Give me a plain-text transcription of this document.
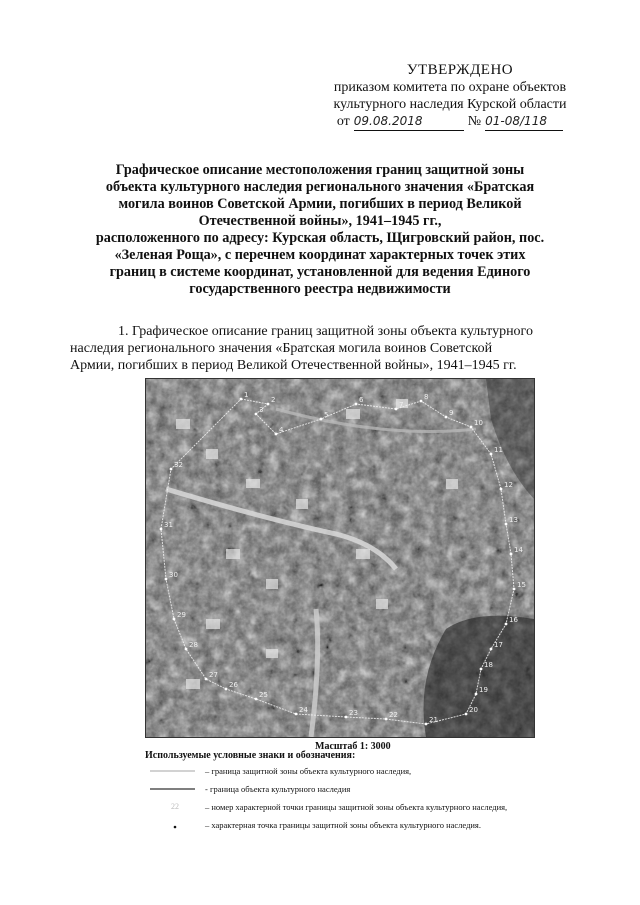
УТВЕРЖДЕНО
приказом комитета по охране объектов
культурного наследия Курской области
от 09.08.2018	№ 01-08/118
Графическое описание местоположения границ защитной зоны
объекта культурного наследия регионального значения «Братская
могила воинов Советской Армии, погибших в период Великой
Отечественной войны», 1941–1945 гг.,
расположенного по адресу: Курская область, Щигровский район, пос.
«Зеленая Роща», с перечнем координат характерных точек этих
границ в системе координат, установленной для ведения Единого
государственного реестра недвижимости
1. Графическое описание границ защитной зоны объекта культурного
наследия регионального значения «Братская могила воинов Советской
Армии, погибших в период Великой Отечественной войны», 1941–1945 гг.
1
2
3
4
5
6
7
8
9
10
11
12
13
14
15
16
17
18
19
20
21
22
23
24
25
26
27
28
29
30
31
32
Масштаб 1: 3000
Используемые условные знаки и обозначения:
– граница защитной зоны объекта культурного наследия,
- граница объекта культурного наследия
22	– номер характерной точки границы защитной зоны объекта культурного наследия,
– характерная точка границы защитной зоны объекта культурного наследия.
